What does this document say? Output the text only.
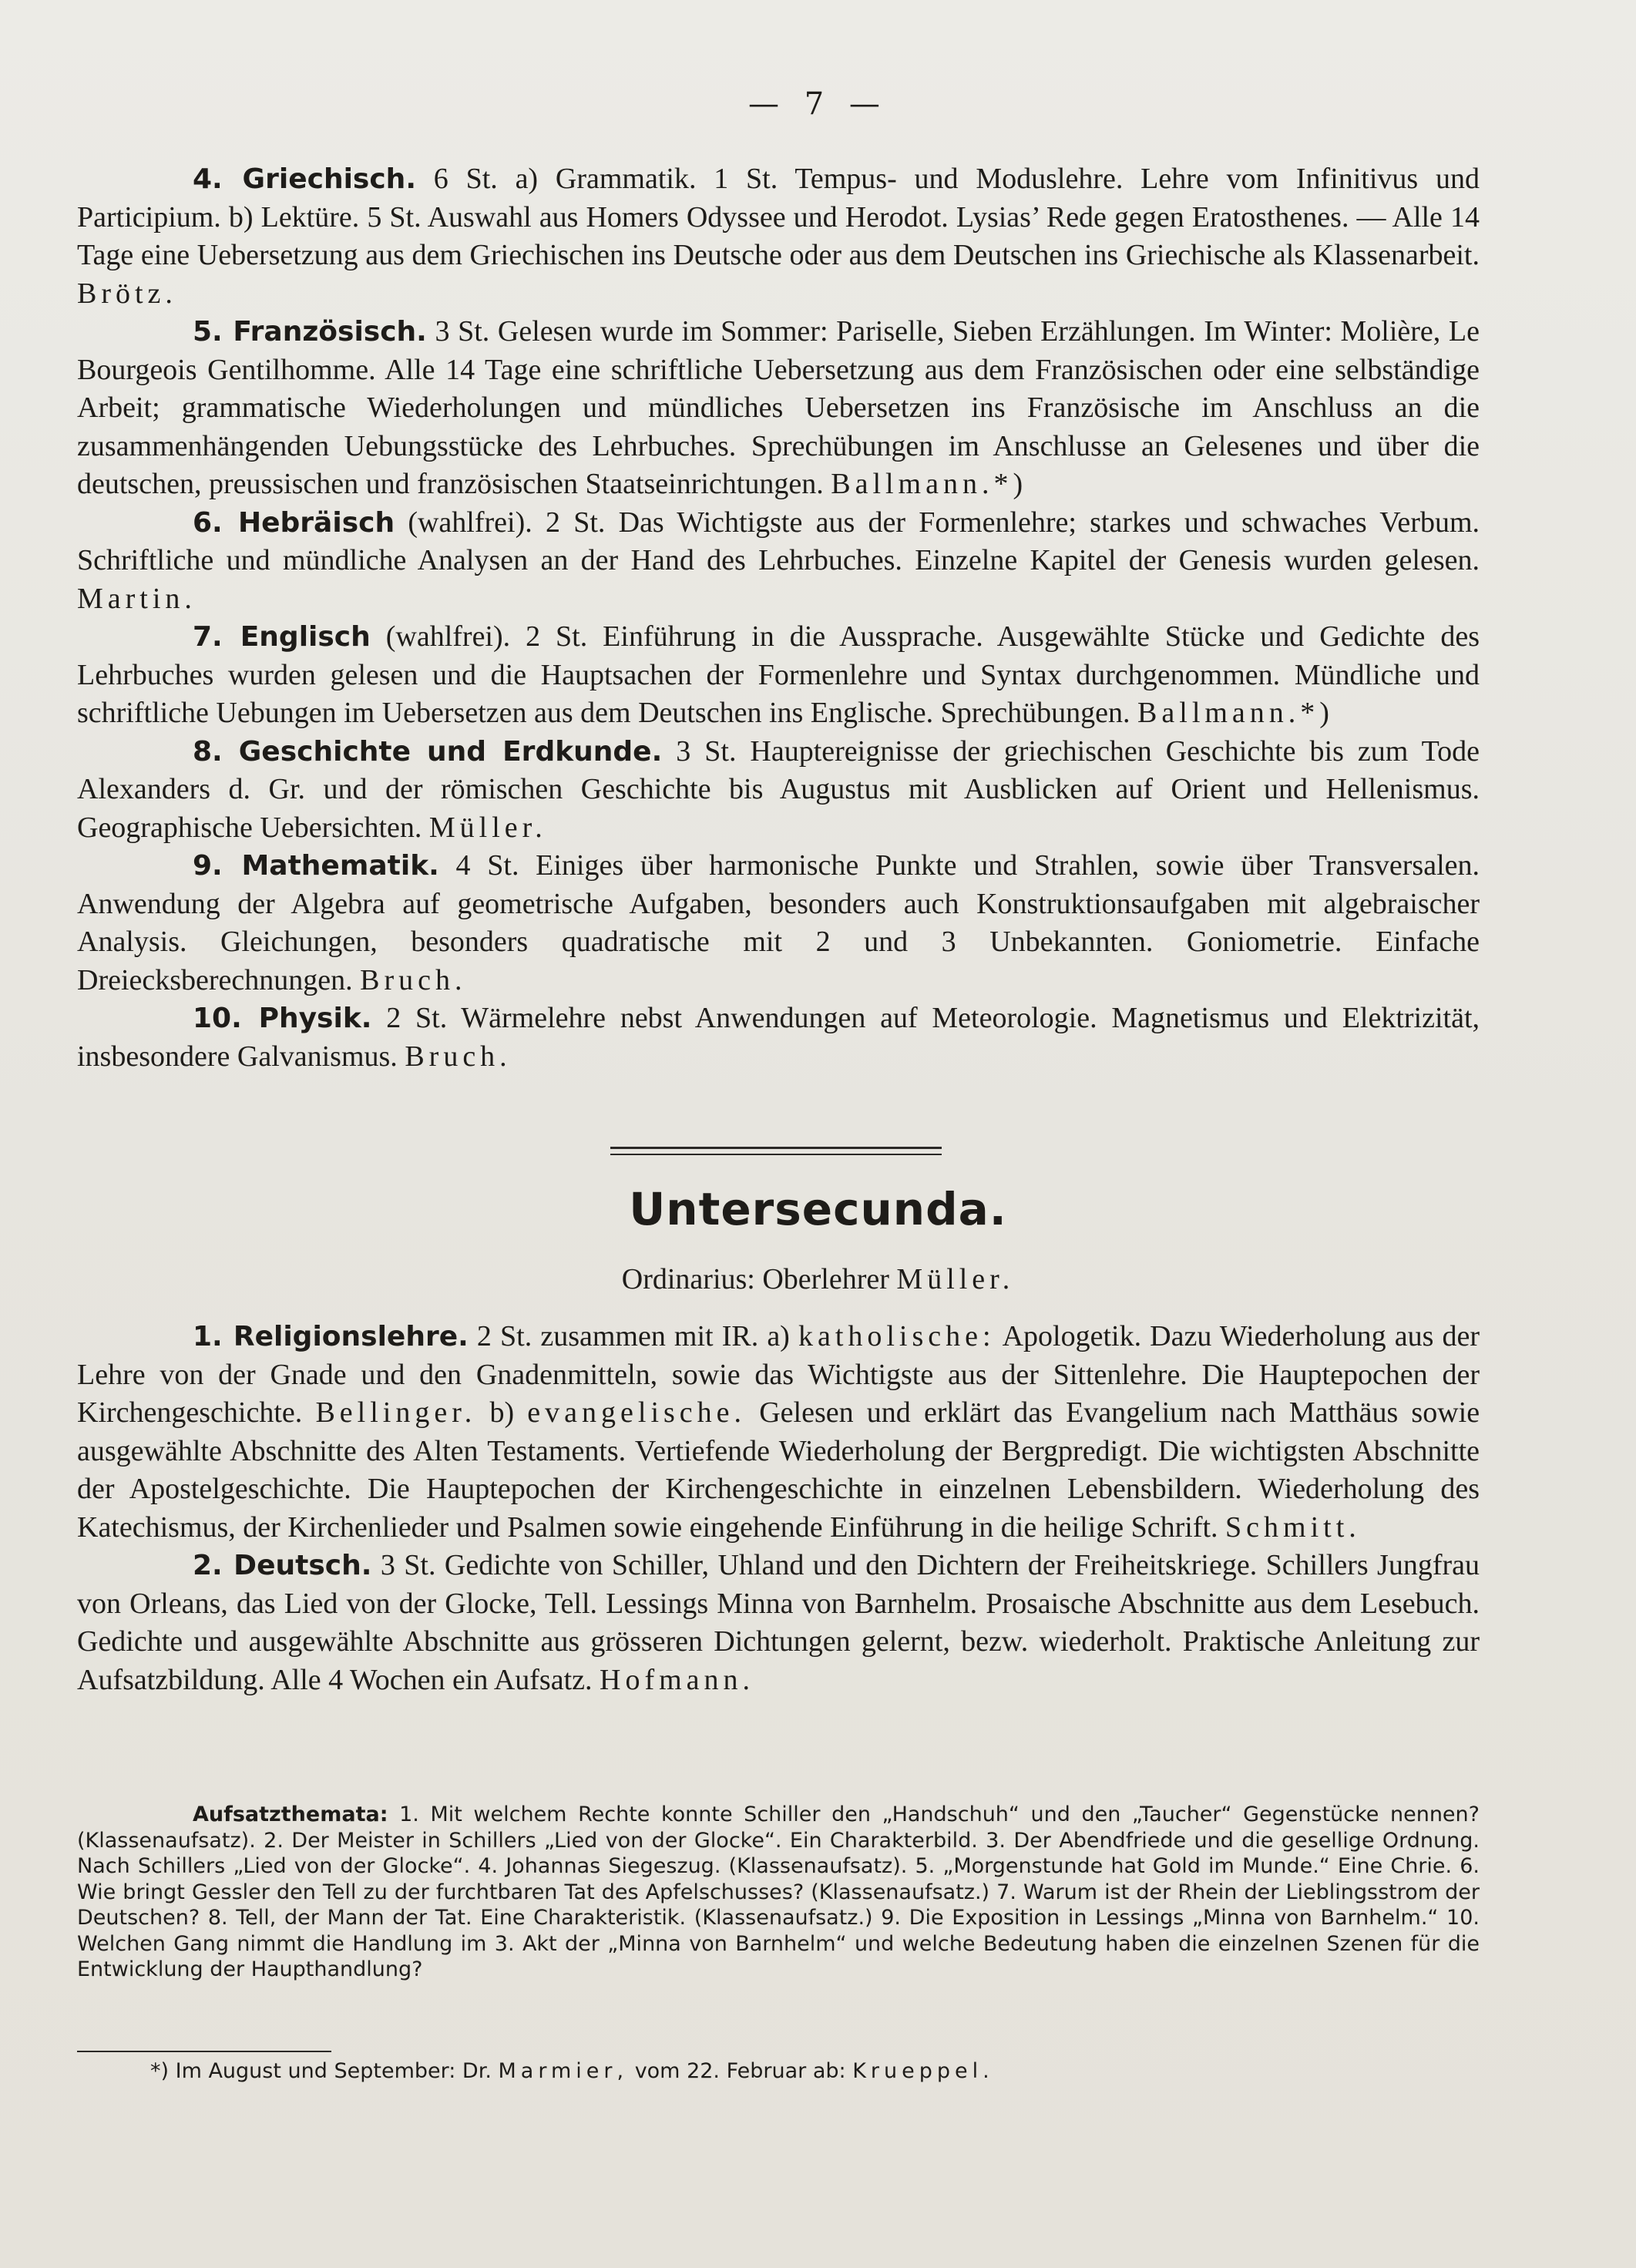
— 7 —

4. Griechisch. 6 St. a) Grammatik. 1 St. Tempus- und Moduslehre. Lehre vom Infinitivus und Participium. b) Lektüre. 5 St. Auswahl aus Homers Odyssee und Herodot. Lysias’ Rede gegen Eratosthenes. — Alle 14 Tage eine Uebersetzung aus dem Griechischen ins Deutsche oder aus dem Deutschen ins Griechische als Klassenarbeit. Brötz.

5. Französisch. 3 St. Gelesen wurde im Sommer: Pariselle, Sieben Erzählungen. Im Winter: Molière, Le Bourgeois Gentilhomme. Alle 14 Tage eine schriftliche Uebersetzung aus dem Französischen oder eine selbständige Arbeit; grammatische Wiederholungen und mündliches Uebersetzen ins Französische im Anschluss an die zusammenhängenden Uebungsstücke des Lehrbuches. Sprechübungen im Anschlusse an Gelesenes und über die deutschen, preussischen und französischen Staatseinrichtungen. Ballmann.*)

6. Hebräisch (wahlfrei). 2 St. Das Wichtigste aus der Formenlehre; starkes und schwaches Verbum. Schriftliche und mündliche Analysen an der Hand des Lehrbuches. Einzelne Kapitel der Genesis wurden gelesen. Martin.

7. Englisch (wahlfrei). 2 St. Einführung in die Aussprache. Ausgewählte Stücke und Gedichte des Lehrbuches wurden gelesen und die Hauptsachen der Formenlehre und Syntax durchgenommen. Mündliche und schriftliche Uebungen im Uebersetzen aus dem Deutschen ins Englische. Sprechübungen. Ballmann.*)

8. Geschichte und Erdkunde. 3 St. Hauptereignisse der griechischen Geschichte bis zum Tode Alexanders d. Gr. und der römischen Geschichte bis Augustus mit Ausblicken auf Orient und Hellenismus. Geographische Uebersichten. Müller.

9. Mathematik. 4 St. Einiges über harmonische Punkte und Strahlen, sowie über Transversalen. Anwendung der Algebra auf geometrische Aufgaben, besonders auch Konstruktionsaufgaben mit algebraischer Analysis. Gleichungen, besonders quadratische mit 2 und 3 Unbekannten. Goniometrie. Einfache Dreiecksberechnungen. Bruch.

10. Physik. 2 St. Wärmelehre nebst Anwendungen auf Meteorologie. Magnetismus und Elektrizität, insbesondere Galvanismus. Bruch.

Untersecunda.
Ordinarius: Oberlehrer Müller.

1. Religionslehre. 2 St. zusammen mit IR. a) katholische: Apologetik. Dazu Wiederholung aus der Lehre von der Gnade und den Gnadenmitteln, sowie das Wichtigste aus der Sittenlehre. Die Hauptepochen der Kirchengeschichte. Bellinger. b) evangelische. Gelesen und erklärt das Evangelium nach Matthäus sowie ausgewählte Abschnitte des Alten Testaments. Vertiefende Wiederholung der Bergpredigt. Die wichtigsten Abschnitte der Apostelgeschichte. Die Hauptepochen der Kirchengeschichte in einzelnen Lebensbildern. Wiederholung des Katechismus, der Kirchenlieder und Psalmen sowie eingehende Einführung in die heilige Schrift. Schmitt.

2. Deutsch. 3 St. Gedichte von Schiller, Uhland und den Dichtern der Freiheitskriege. Schillers Jungfrau von Orleans, das Lied von der Glocke, Tell. Lessings Minna von Barnhelm. Prosaische Abschnitte aus dem Lesebuch. Gedichte und ausgewählte Abschnitte aus grösseren Dichtungen gelernt, bezw. wiederholt. Praktische Anleitung zur Aufsatzbildung. Alle 4 Wochen ein Aufsatz. Hofmann.

Aufsatzthemata: 1. Mit welchem Rechte konnte Schiller den „Handschuh“ und den „Taucher“ Gegenstücke nennen? (Klassenaufsatz). 2. Der Meister in Schillers „Lied von der Glocke“. Ein Charakterbild. 3. Der Abendfriede und die gesellige Ordnung. Nach Schillers „Lied von der Glocke“. 4. Johannas Siegeszug. (Klassenaufsatz). 5. „Morgenstunde hat Gold im Munde.“ Eine Chrie. 6. Wie bringt Gessler den Tell zu der furchtbaren Tat des Apfelschusses? (Klassenaufsatz.) 7. Warum ist der Rhein der Lieblingsstrom der Deutschen? 8. Tell, der Mann der Tat. Eine Charakteristik. (Klassenaufsatz.) 9. Die Exposition in Lessings „Minna von Barnhelm.“ 10. Welchen Gang nimmt die Handlung im 3. Akt der „Minna von Barnhelm“ und welche Bedeutung haben die einzelnen Szenen für die Entwicklung der Haupthandlung?

*) Im August und September: Dr. Marmier, vom 22. Februar ab: Krueppel.
